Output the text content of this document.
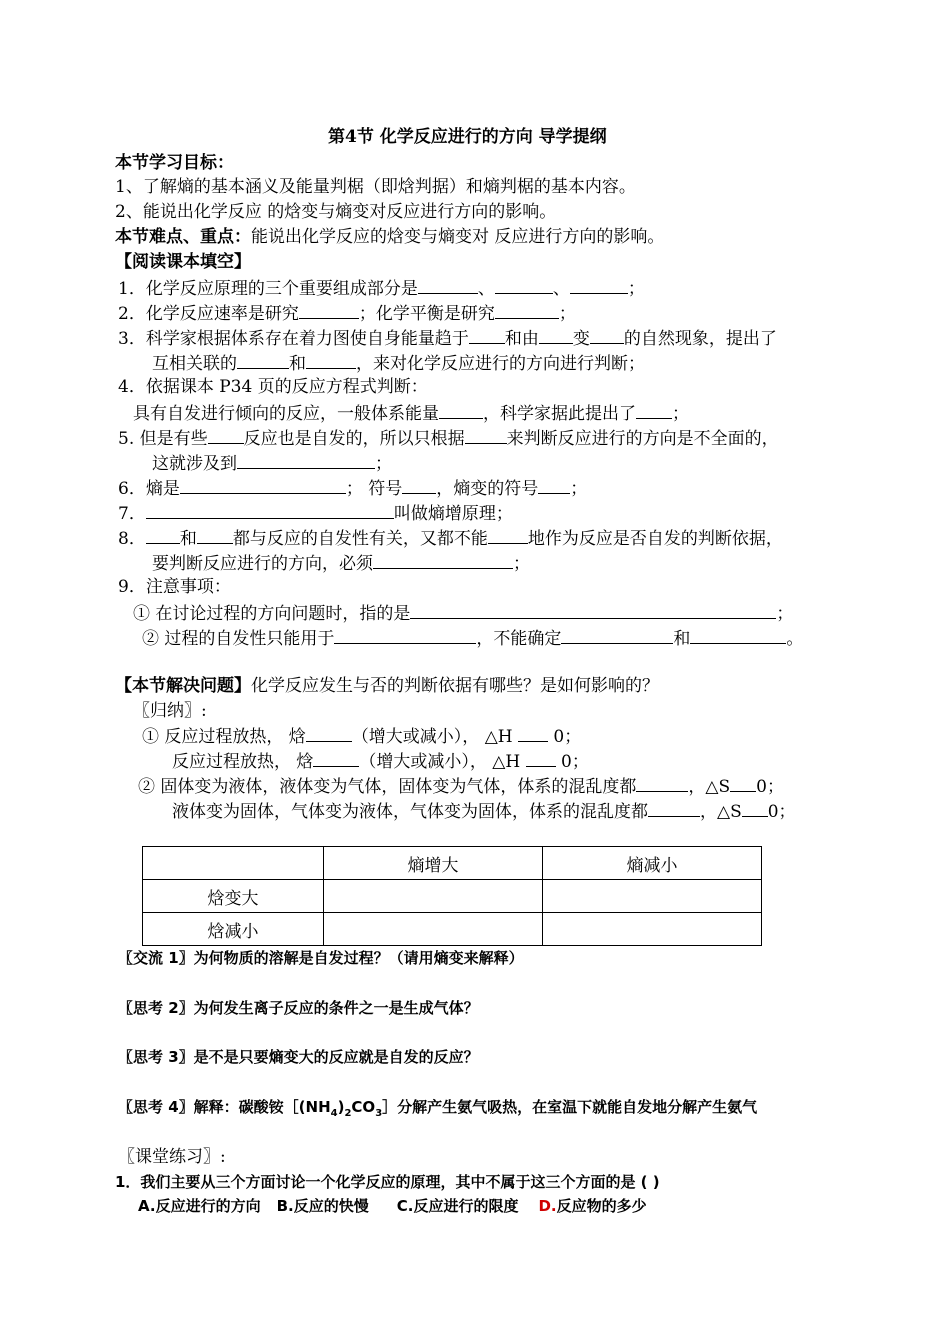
第4节 化学反应进行的方向 导学提纲
本节学习目标：
1、了解熵的基本涵义及能量判椐（即焓判据）和熵判椐的基本内容。
2、能说出化学反应 的焓变与熵变对反应进行方向的影响。
本节难点、重点：能说出化学反应的焓变与熵变对 反应进行方向的影响。
【阅读课本填空】
1．化学反应原理的三个重要组成部分是	、	、	；
2．化学反应速率是研究	；化学平衡是研究	；
3．科学家根据体系存在着力图使自身能量趋于 和由 变 的自然现象，提出了
互相关联的	和	，来对化学反应进行的方向进行判断；
4．依据课本 P34 页的反应方程式判断：
具有自发进行倾向的反应，一般体系能量	，科学家据此提出了 ；
5. 但是有些 反应也是自发的，所以只根据 来判断反应进行的方向是不全面的，
这就涉及到	；
6．熵是	； 符号 ，熵变的符号 ；
7．	叫做熵增原理；
8． 和 都与反应的自发性有关，又都不能 地作为反应是否自发的判断依据，
要判断反应进行的方向，必须	；
9．注意事项：
① 在讨论过程的方向问题时，指的是	；
② 过程的自发性只能用于	，不能确定	和	。
【本节解决问题】化学反应发生与否的判断依据有哪些？是如何影响的？
〖归纳〗:
① 反应过程放热， 焓	（增大或减小）， △H  0；
反应过程放热， 焓	（增大或减小）， △H  0；
② 固体变为液体，液体变为气体，固体变为气体，体系的混乱度都	，△S 0；
液体变为固体，气体变为液体，气体变为固体，体系的混乱度都	，△S 0；
	熵增大	熵减小
焓变大		
焓减小		
〖交流 1〗为何物质的溶解是自发过程？（请用熵变来解释）
〖思考 2〗为何发生离子反应的条件之一是生成气体？
〖思考 3〗是不是只要熵变大的反应就是自发的反应？
〖思考 4〗解释：碳酸铵$[(NH_4)_2CO_3]$分解产生氨气吸热，在室温下就能自发地分解产生氨气
〖课堂练习〗:
1．我们主要从三个方面讨论一个化学反应的原理，其中不属于这三个方面的是 ( )
A.反应进行的方向 B.反应的快慢 C.反应进行的限度 D.反应物的多少
